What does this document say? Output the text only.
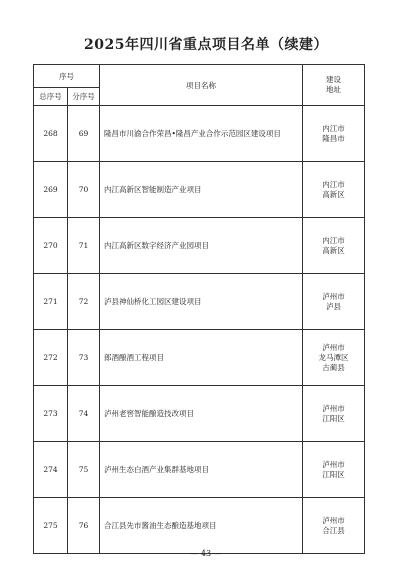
2025年四川省重点项目名单（续建）
序号		项目名称	建设
地址

总序号	分序号		
268	69	隆昌市川渝合作荣昌•隆昌产业合作示范园区建设项目	内江市
隆昌市

269	70	内江高新区智能制造产业项目	内江市
高新区

270	71	内江高新区数字经济产业园项目	内江市
高新区

271	72	泸县神仙桥化工园区建设项目	泸州市
泸县

272	73	郎酒酿酒工程项目	泸州市
龙马潭区
古蔺县

273	74	泸州老窖智能酿造技改项目	泸州市
江阳区

274	75	泸州生态白酒产业集群基地项目	泸州市
江阳区

275	76	合江县先市酱油生态酿造基地项目	泸州市
合江县
— 43 —
